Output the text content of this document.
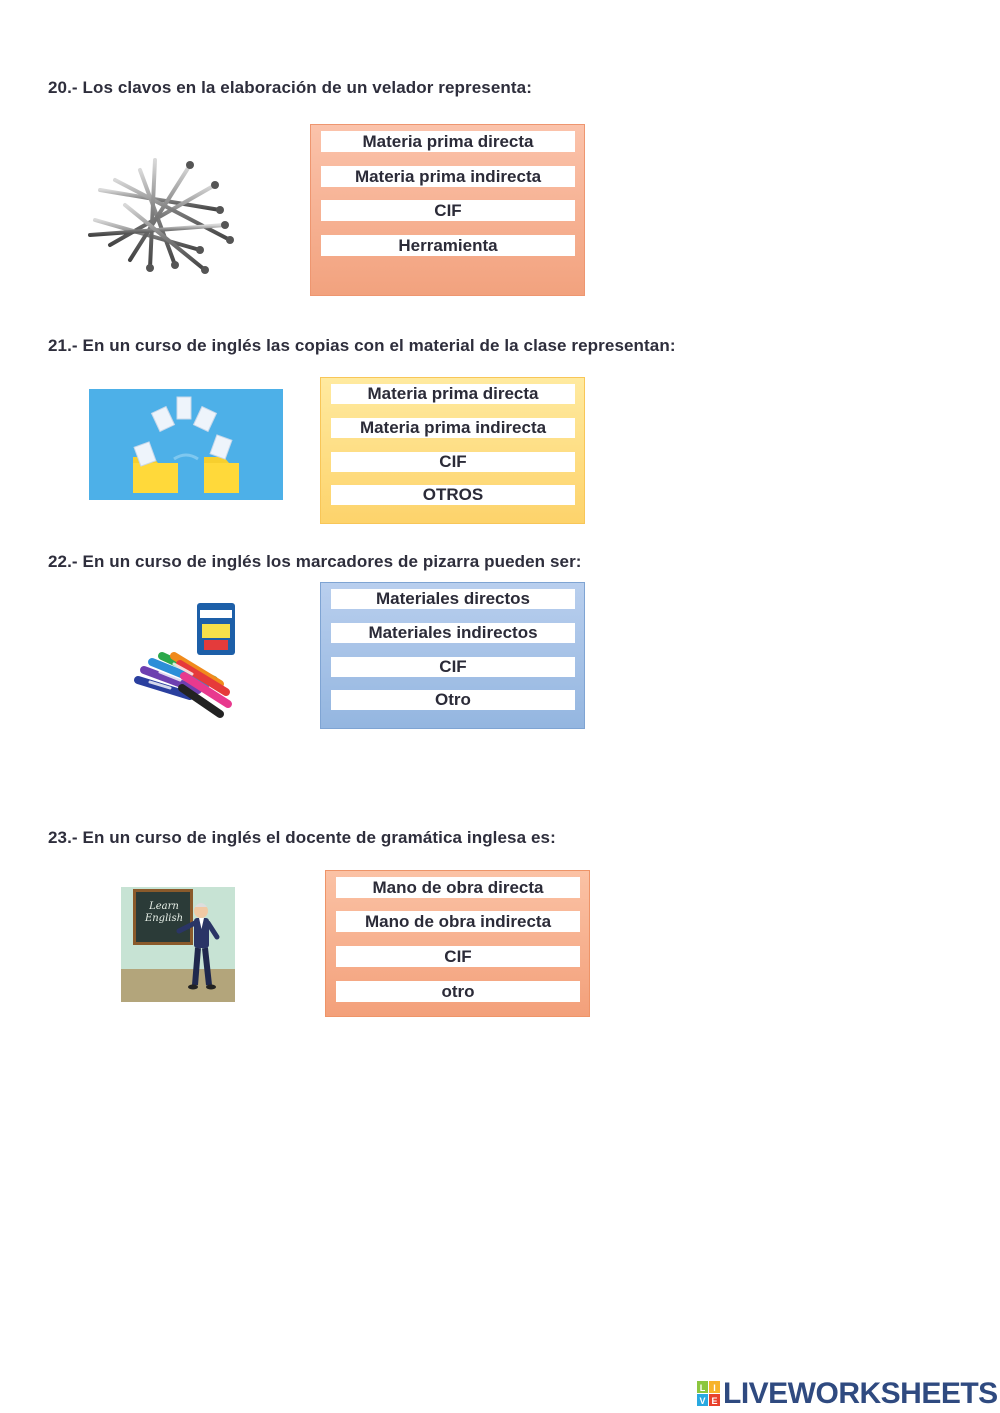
20.- Los clavos en la elaboración de un velador representa:
Materia prima directa
Materia prima indirecta
CIF
Herramienta
21.- En un curso de inglés las copias con el material de la clase representan:
Materia prima directa
Materia prima indirecta
CIF
OTROS
22.- En un curso de inglés los marcadores de pizarra pueden ser:
Materiales directos
Materiales indirectos
CIF
Otro
23.- En un curso de inglés el docente de gramática inglesa es:
Learn English
Mano de obra directa
Mano de obra indirecta
CIF
otro
L I
V E LIVEWORKSHEETS
